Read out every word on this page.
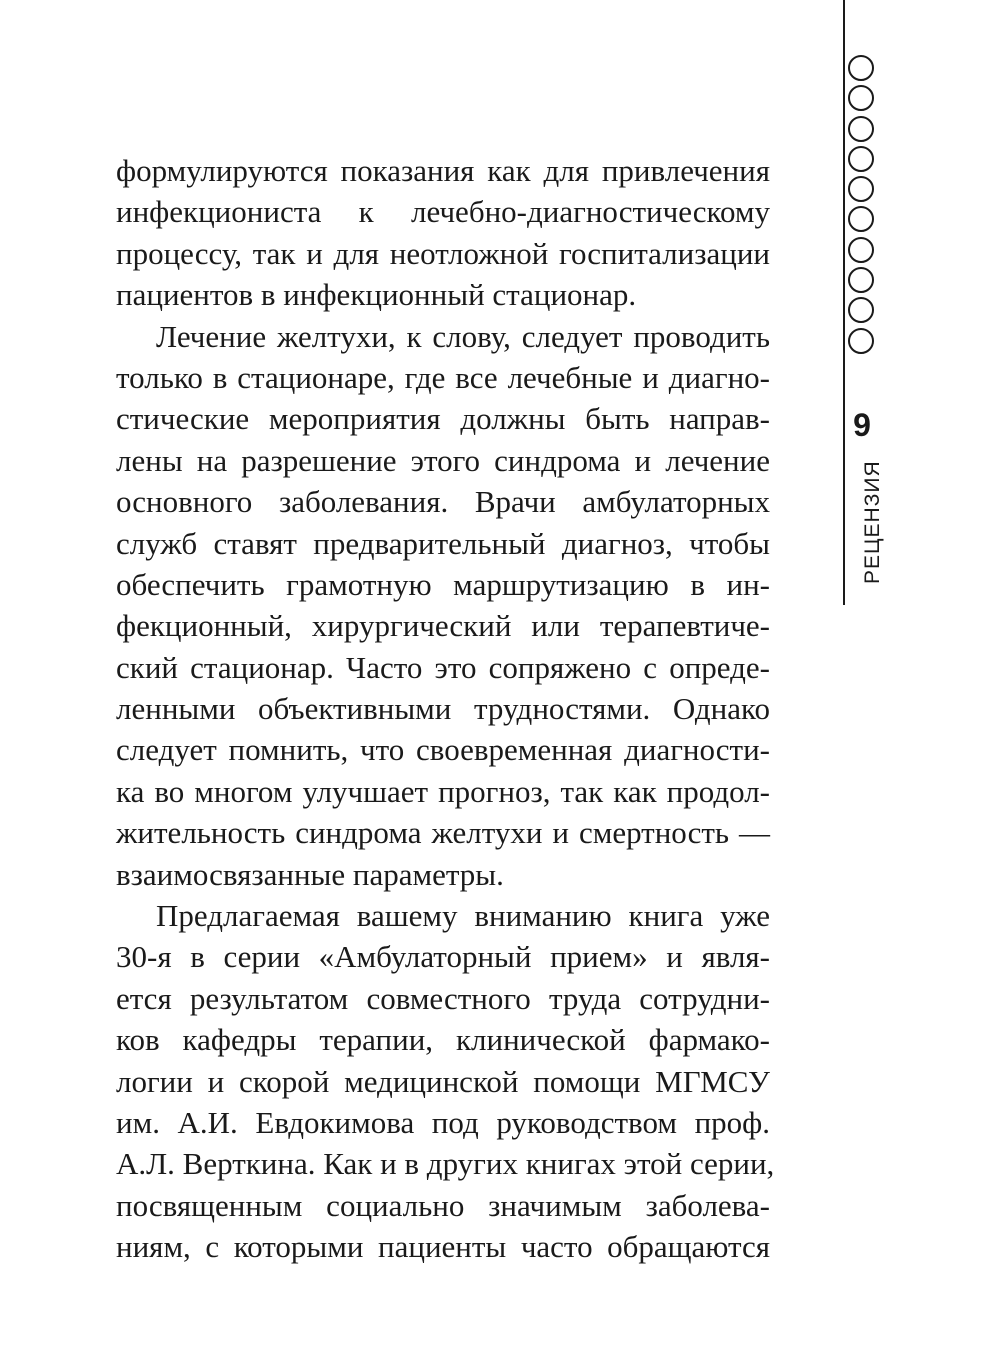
формулируются показания как для привлечения
инфекциониста к лечебно-диагностическому
процессу, так и для неотложной госпитализации
пациентов в инфекционный стационар.
Лечение желтухи, к слову, следует проводить
только в стационаре, где все лечебные и диагно-
стические мероприятия должны быть направ-
лены на разрешение этого синдрома и лечение
основного заболевания. Врачи амбулаторных
служб ставят предварительный диагноз, чтобы
обеспечить грамотную маршрутизацию в ин-
фекционный, хирургический или терапевтиче-
ский стационар. Часто это сопряжено с опреде-
ленными объективными трудностями. Однако
следует помнить, что своевременная диагности-
ка во многом улучшает прогноз, так как продол-
жительность синдрома желтухи и смертность —
взаимосвязанные параметры.
Предлагаемая вашему вниманию книга уже
30-я в серии «Амбулаторный прием» и явля-
ется результатом совместного труда сотрудни-
ков кафедры терапии, клинической фармако-
логии и скорой медицинской помощи МГМСУ
им. А.И. Евдокимова под руководством проф.
А.Л. Верткина. Как и в других книгах этой серии,
посвященным социально значимым заболева-
ниям, с которыми пациенты часто обращаются
9
РЕЦЕНЗИЯ
